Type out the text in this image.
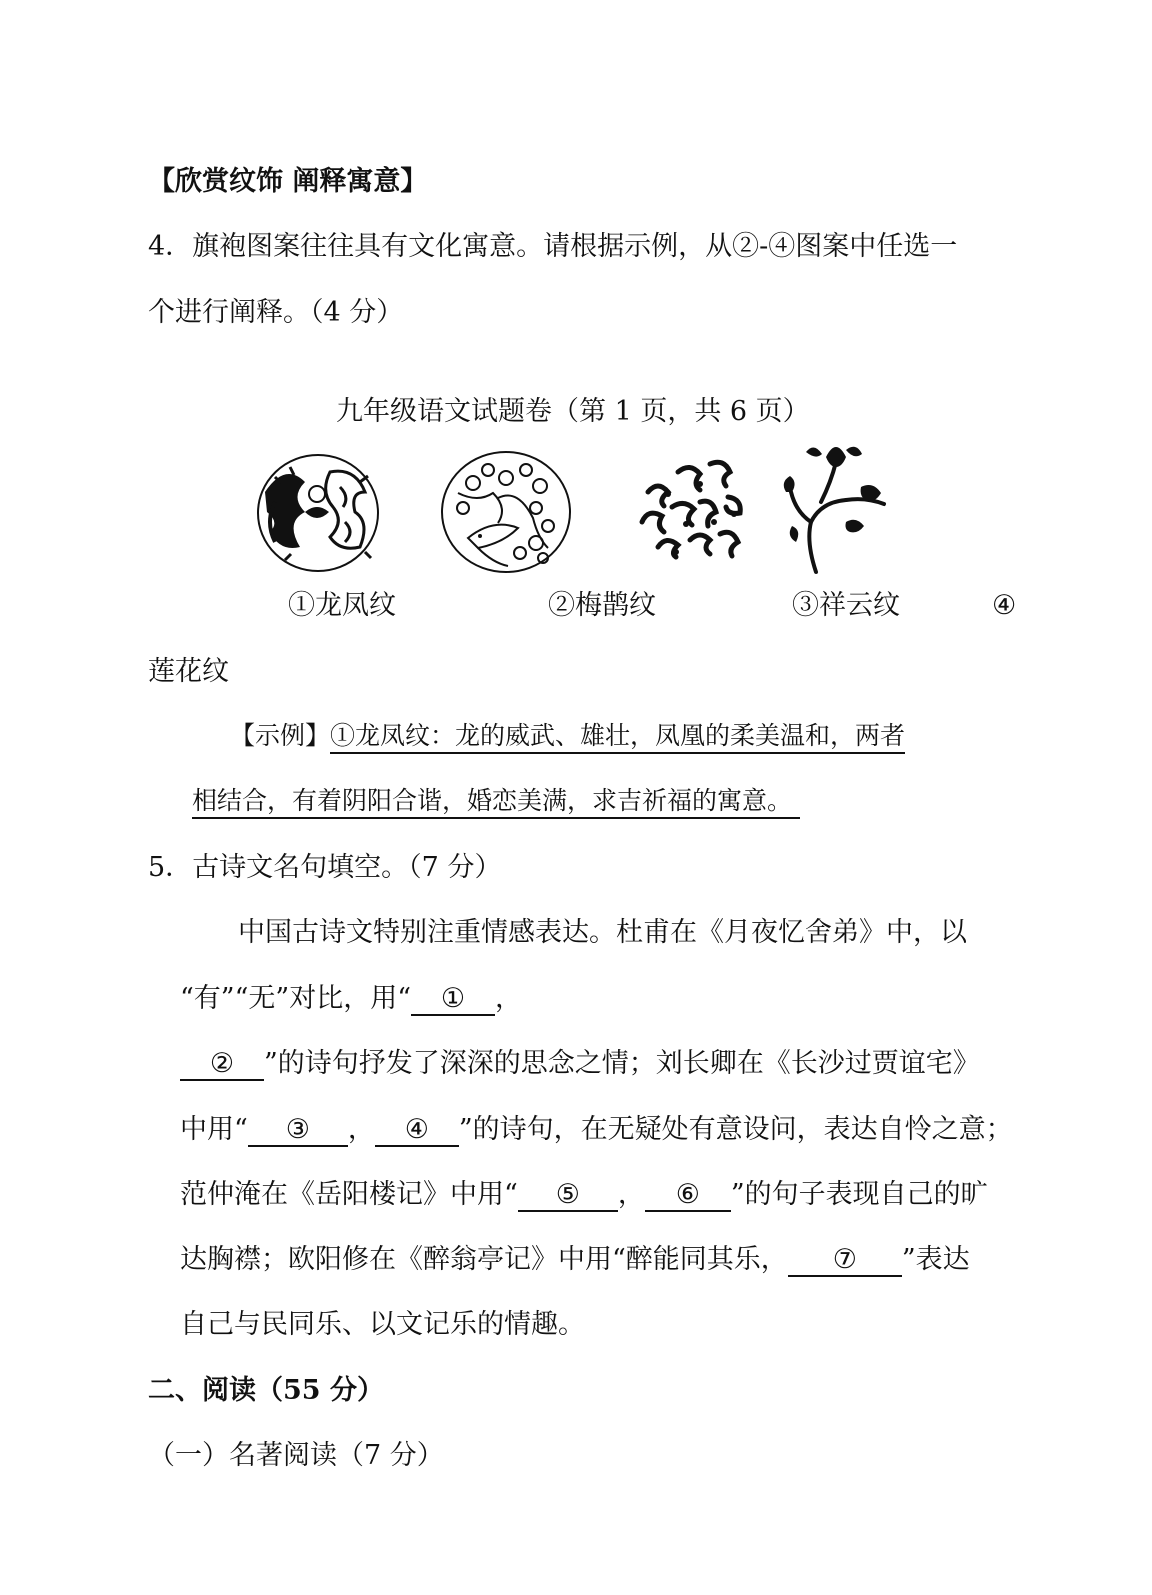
【欣赏纹饰 阐释寓意】
4．旗袍图案往往具有文化寓意。请根据示例，从②-④图案中任选一
个进行阐释。（4 分）
九年级语文试题卷（第 1 页，共 6 页）
①龙凤纹	②梅鹊纹	③祥云纹	④
莲花纹
【示例】①龙凤纹：龙的威武、雄壮，凤凰的柔美温和，两者
相结合，有着阴阳合谐，婚恋美满，求吉祈福的寓意。
5．古诗文名句填空。（7 分）
中国古诗文特别注重情感表达。杜甫在《月夜忆舍弟》中，以
“有”“无”对比，用“ ① ，
② ”的诗句抒发了深深的思念之情；刘长卿在《长沙过贾谊宅》
中用“ ③ ， ④ ”的诗句，在无疑处有意设问，表达自怜之意；
范仲淹在《岳阳楼记》中用“ ⑤ ， ⑥ ”的句子表现自己的旷
达胸襟；欧阳修在《醉翁亭记》中用“醉能同其乐， ⑦ ”表达
自己与民同乐、以文记乐的情趣。
二、阅读（55 分）
（一）名著阅读（7 分）
